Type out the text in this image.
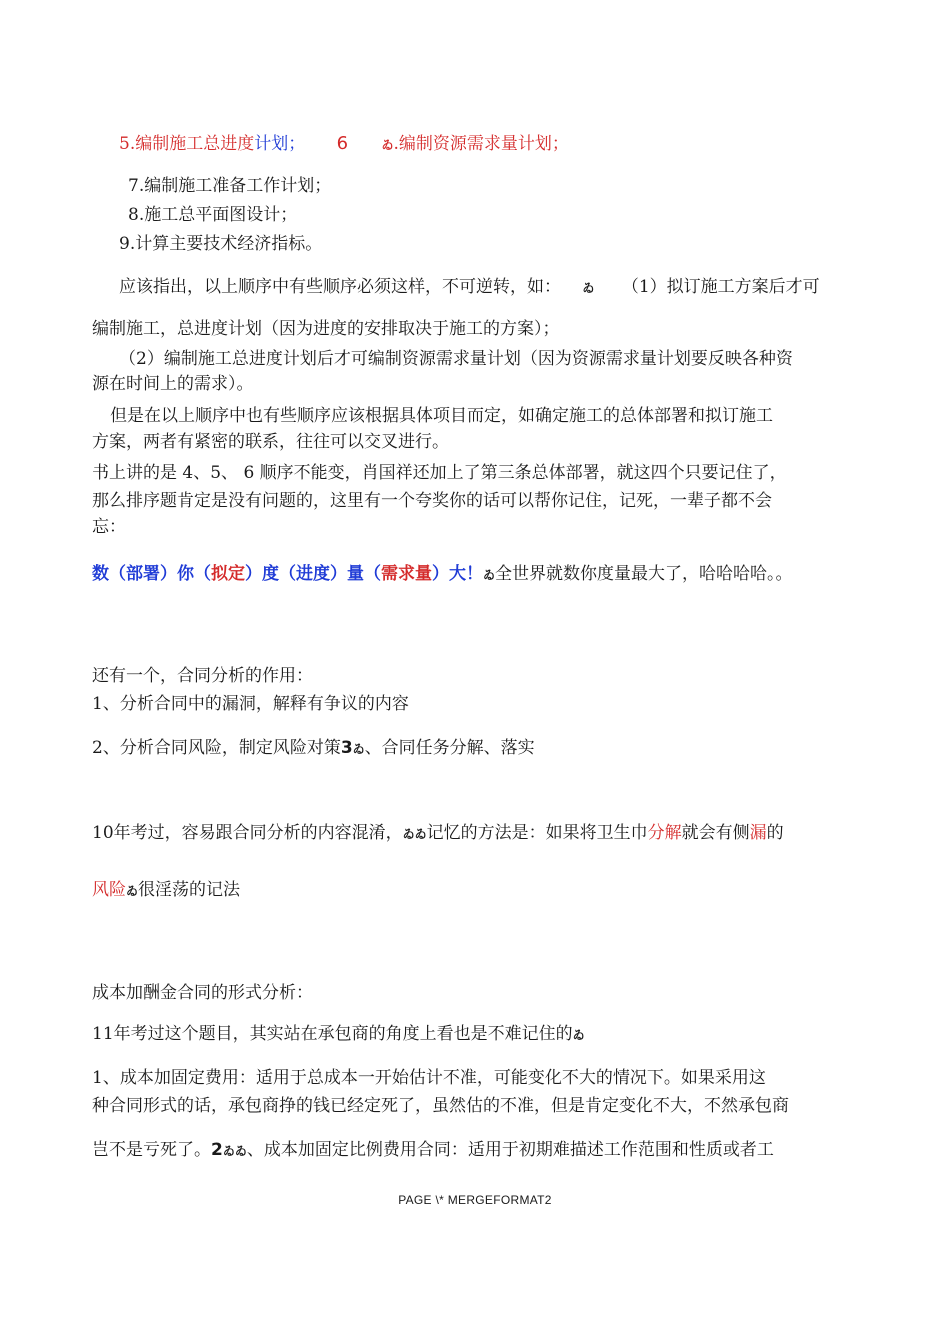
5.编制施工总进度计划； 6	ゐ.编制资源需求量计划；
7.编制施工准备工作计划；
8.施工总平面图设计；
9.计算主要技术经济指标。
应该指出，以上顺序中有些顺序必须这样，不可逆转，如： ゐ （1）拟订施工方案后才可
编制施工，总进度计划（因为进度的安排取决于施工的方案）；
（2）编制施工总进度计划后才可编制资源需求量计划（因为资源需求量计划要反映各种资
源在时间上的需求）。
但是在以上顺序中也有些顺序应该根据具体项目而定，如确定施工的总体部署和拟订施工
方案，两者有紧密的联系，往往可以交叉进行。
书上讲的是 4、5、 6 顺序不能变，肖国祥还加上了第三条总体部署，就这四个只要记住了，
那么排序题肯定是没有问题的，这里有一个夸奖你的话可以帮你记住，记死，一辈子都不会
忘：
数（部署）你（拟定）度（进度）量（需求量）大！ゐ全世界就数你度量最大了，哈哈哈哈。。
还有一个，合同分析的作用：
1、分析合同中的漏洞，解释有争议的内容
2、分析合同风险，制定风险对策3ゐ、合同任务分解、落实
10年考过，容易跟合同分析的内容混淆，ゐゐ记忆的方法是：如果将卫生巾分解就会有侧漏的
风险ゐ很淫荡的记法
成本加酬金合同的形式分析：
11年考过这个题目，其实站在承包商的角度上看也是不难记住的ゐ
1、成本加固定费用：适用于总成本一开始估计不准，可能变化不大的情况下。如果采用这
种合同形式的话，承包商挣的钱已经定死了，虽然估的不准，但是肯定变化不大，不然承包商
岂不是亏死了。2ゐゐ、成本加固定比例费用合同：适用于初期难描述工作范围和性质或者工
PAGE \* MERGEFORMAT2
